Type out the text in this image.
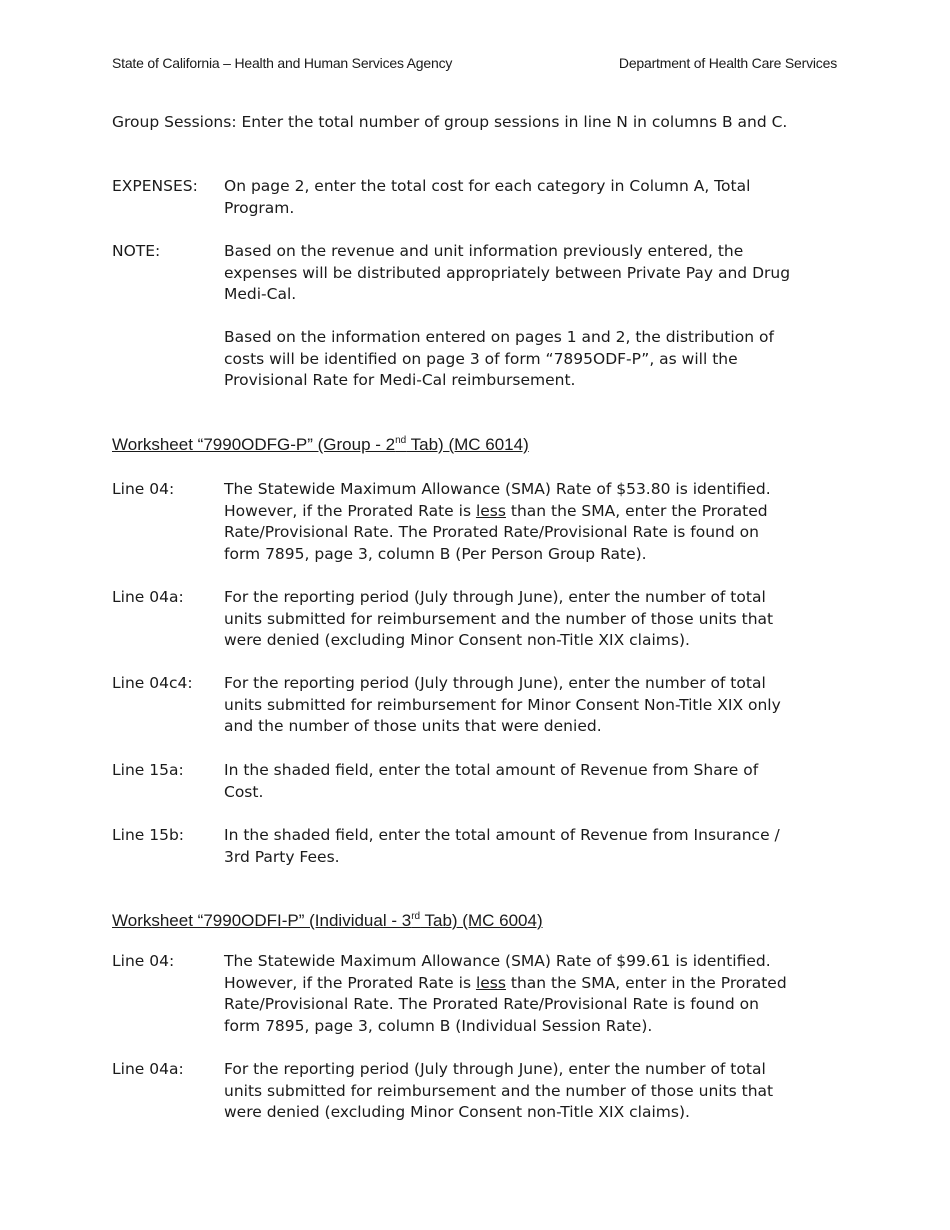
State of California – Health and Human Services Agency	Department of Health Care Services
Group Sessions: Enter the total number of group sessions in line N in columns B and C.
EXPENSES: On page 2, enter the total cost for each category in Column A, Total
Program.
NOTE:	Based on the revenue and unit information previously entered, the
expenses will be distributed appropriately between Private Pay and Drug
Medi-Cal.
Based on the information entered on pages 1 and 2, the distribution of
costs will be identified on page 3 of form “7895ODF-P”, as will the
Provisional Rate for Medi-Cal reimbursement.
Worksheet “7990ODFG-P” (Group - 2nd Tab) (MC 6014)
Line 04:	The Statewide Maximum Allowance (SMA) Rate of $53.80 is identified.
However, if the Prorated Rate is less than the SMA, enter the Prorated
Rate/Provisional Rate. The Prorated Rate/Provisional Rate is found on
form 7895, page 3, column B (Per Person Group Rate).
Line 04a:	For the reporting period (July through June), enter the number of total
units submitted for reimbursement and the number of those units that
were denied (excluding Minor Consent non-Title XIX claims).
Line 04c4: For the reporting period (July through June), enter the number of total
units submitted for reimbursement for Minor Consent Non-Title XIX only
and the number of those units that were denied.
Line 15a:	In the shaded field, enter the total amount of Revenue from Share of
Cost.
Line 15b:	In the shaded field, enter the total amount of Revenue from Insurance /
3rd Party Fees.
Worksheet “7990ODFI-P” (Individual - 3rd Tab) (MC 6004)
Line 04:	The Statewide Maximum Allowance (SMA) Rate of $99.61 is identified.
However, if the Prorated Rate is less than the SMA, enter in the Prorated
Rate/Provisional Rate. The Prorated Rate/Provisional Rate is found on
form 7895, page 3, column B (Individual Session Rate).
Line 04a:	For the reporting period (July through June), enter the number of total
units submitted for reimbursement and the number of those units that
were denied (excluding Minor Consent non-Title XIX claims).
